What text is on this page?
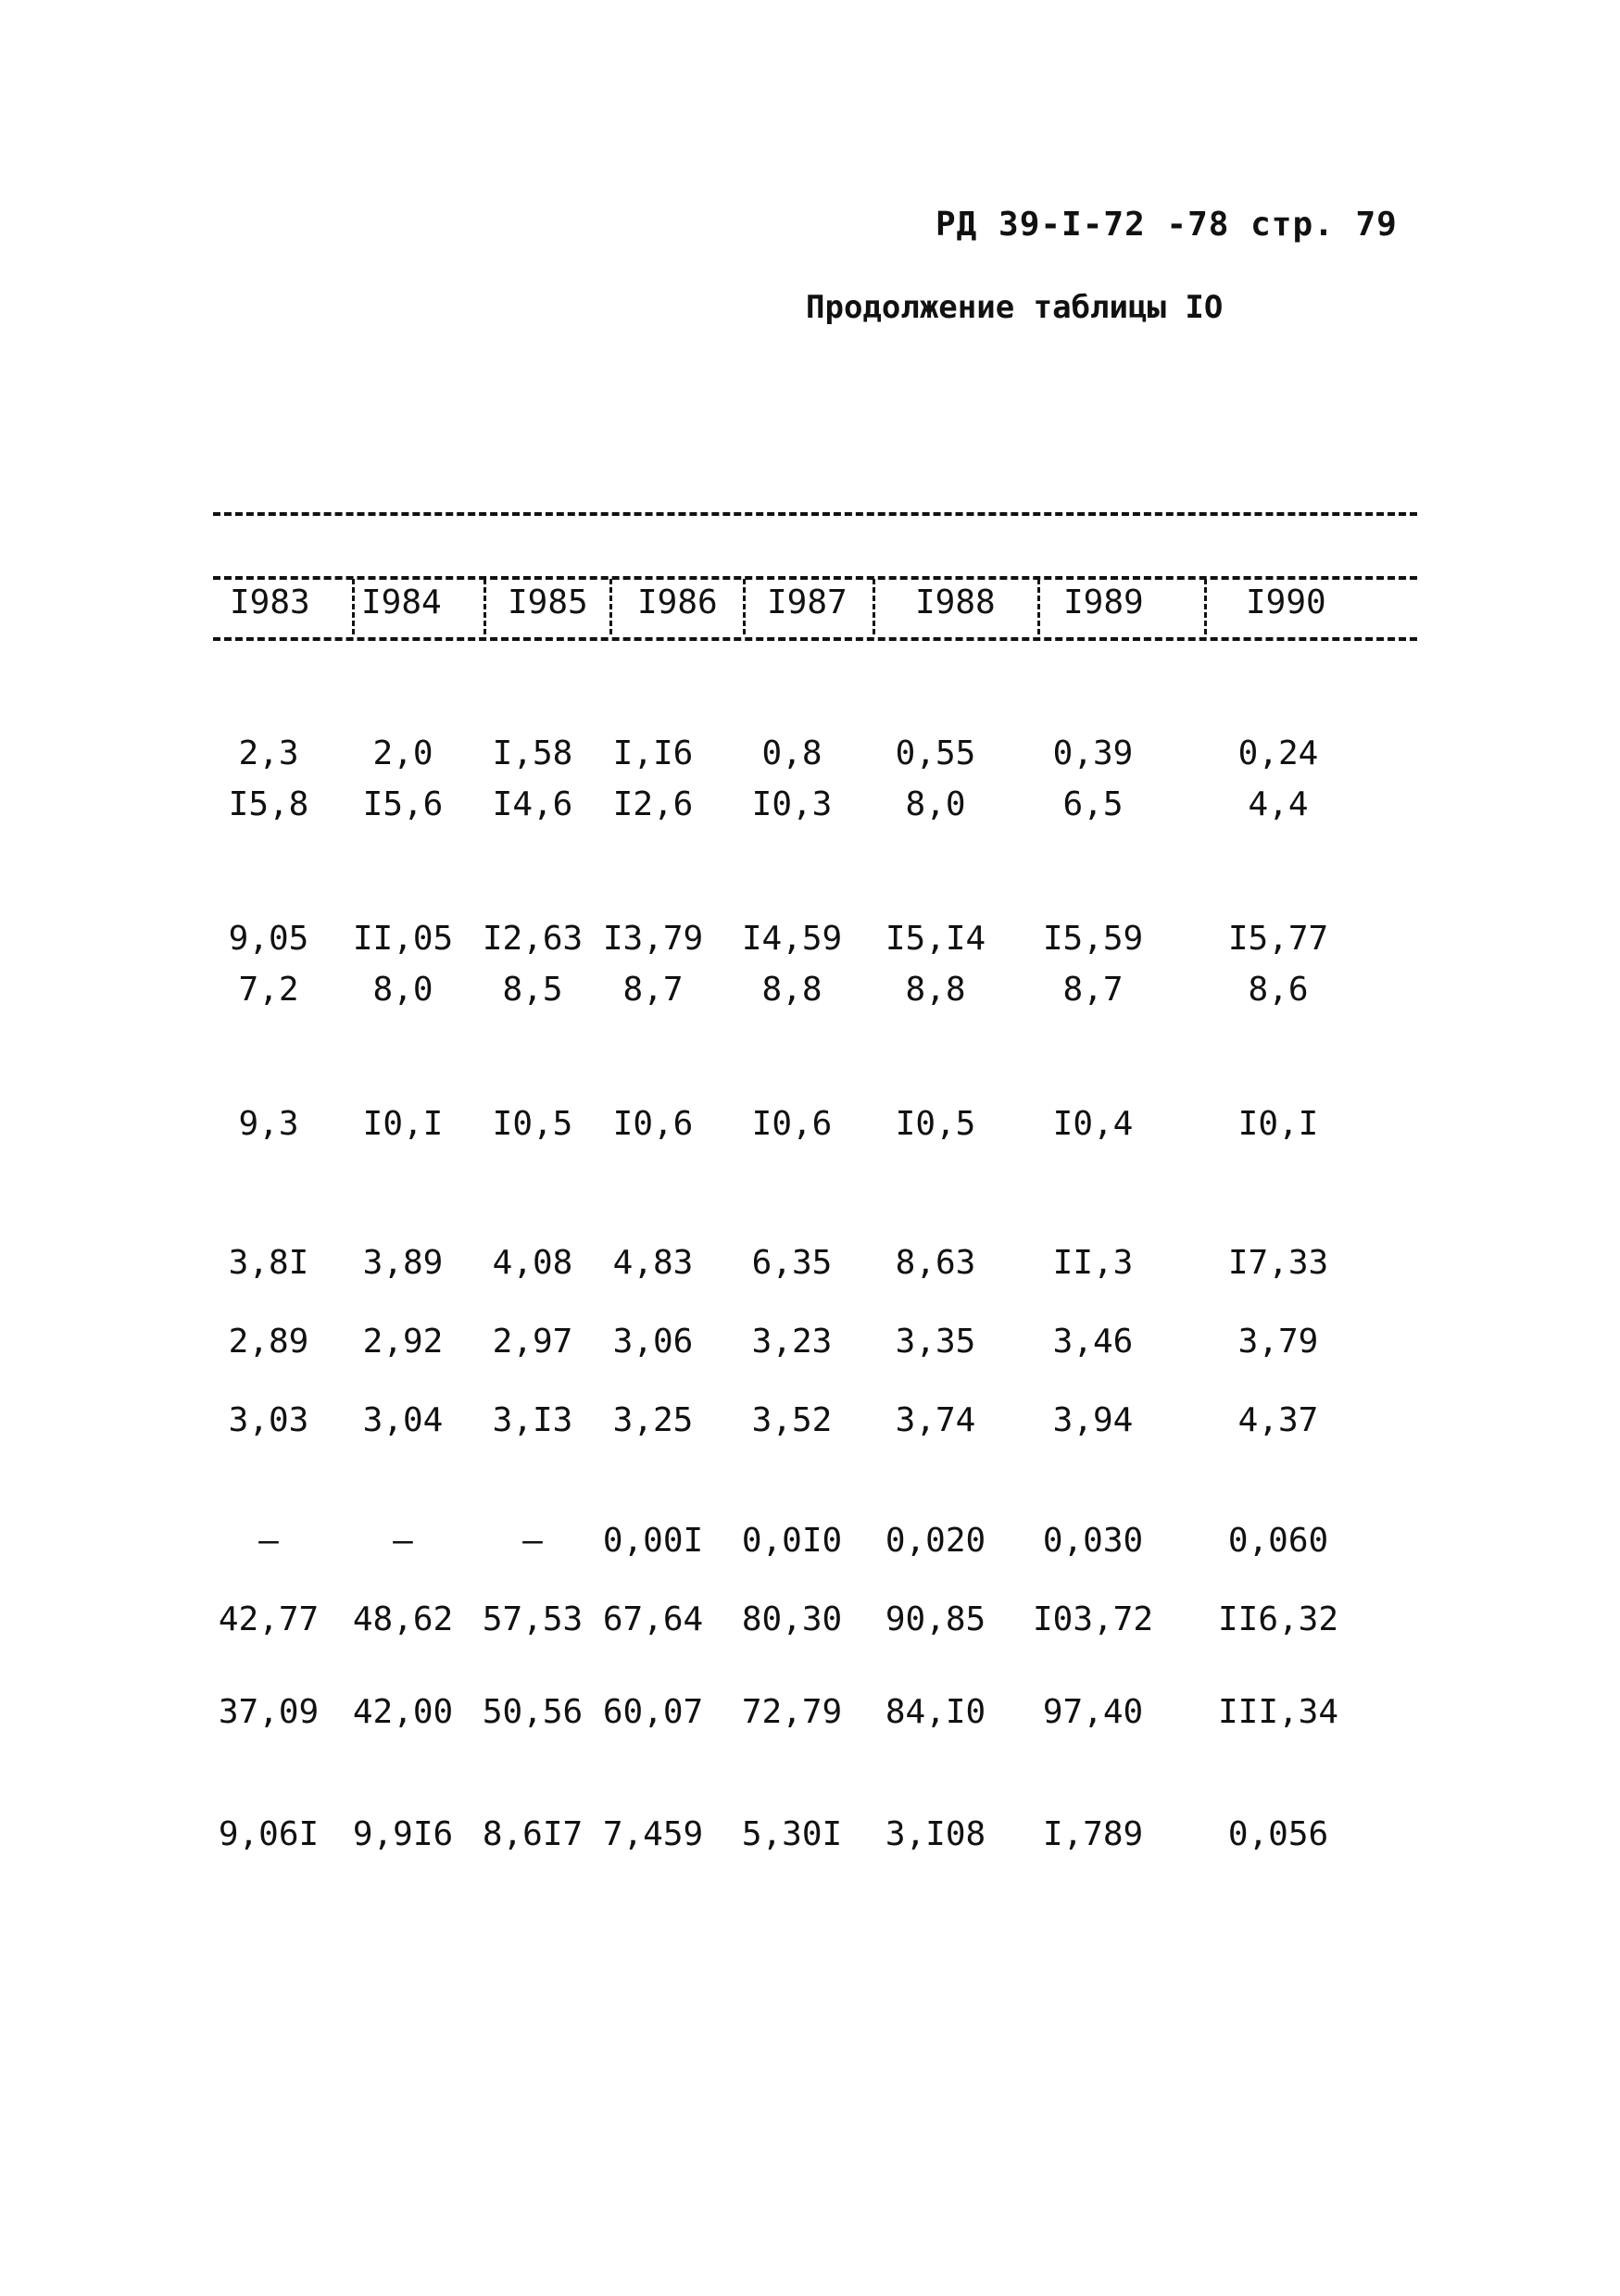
РД 39-I-72 -78 стр. 79
Продолжение таблицы IO
I983 I984 I985 I986 I987 I988 I989	I990
2,3 2,0 I,58 I,I6 0,8 0,55 0,39	0,24
I5,8 I5,6 I4,6 I2,6 I0,3 8,0	6,5	4,4
9,05 II,05 I2,63 I3,79 I4,59 I5,I4 I5,59	I5,77
7,2 8,0 8,5 8,7 8,8 8,8	8,7	8,6
9,3 I0,I I0,5 I0,6 I0,6 I0,5 I0,4	I0,I
3,8I 3,89 4,08 4,83 6,35 8,63 II,3	I7,33
2,89 2,92 2,97 3,06 3,23 3,35 3,46	3,79
3,03 3,04 3,I3 3,25 3,52 3,74 3,94	4,37
–	–	– 0,00I 0,0I0 0,020 0,030	0,060
42,77 48,62 57,53 67,64 80,30 90,85 I03,72 II6,32
37,09 42,00 50,56 60,07 72,79 84,I0 97,40 III,34
9,06I 9,9I6 8,6I7 7,459 5,30I 3,I08 I,789	0,056
